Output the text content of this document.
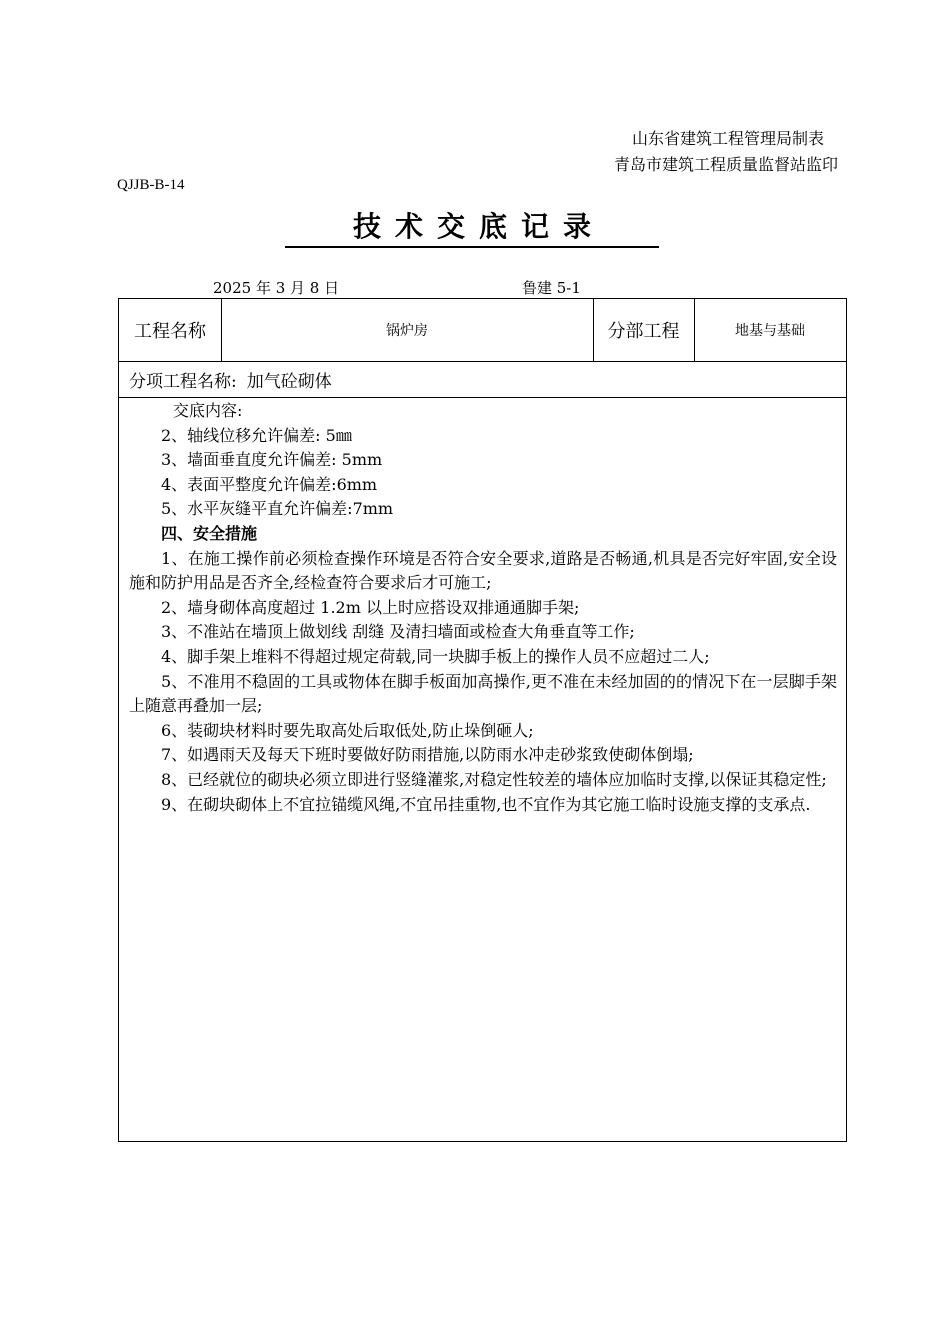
山东省建筑工程管理局制表
青岛市建筑工程质量监督站监印
QJJB-B-14
技术交底记录
2025 年 3 月 8 日	鲁建 5-1
工程名称	锅炉房	分部工程	地基与基础
分项工程名称: 加气砼砌体

交底内容:

2、轴线位移允许偏差: 5㎜

3、墙面垂直度允许偏差: 5mm

4、表面平整度允许偏差:6mm

5、水平灰缝平直允许偏差:7mm

四、安全措施

1、在施工操作前必须检查操作环境是否符合安全要求,道路是否畅通,机具是否完好牢固,安全设施和防护用品是否齐全,经检查符合要求后才可施工;

2、墙身砌体高度超过 1.2m 以上时应搭设双排通通脚手架;

3、不准站在墙顶上做划线 刮缝 及清扫墙面或检查大角垂直等工作;

4、脚手架上堆料不得超过规定荷载,同一块脚手板上的操作人员不应超过二人;

5、不准用不稳固的工具或物体在脚手板面加高操作,更不准在未经加固的的情况下在一层脚手架上随意再叠加一层;

6、装砌块材料时要先取高处后取低处,防止垛倒砸人;

7、如遇雨天及每天下班时要做好防雨措施,以防雨水冲走砂浆致使砌体倒塌;

8、已经就位的砌块必须立即进行竖缝灌浆,对稳定性较差的墙体应加临时支撑,以保证其稳定性;

9、在砌块砌体上不宜拉锚缆风绳,不宜吊挂重物,也不宜作为其它施工临时设施支撑的支承点.
